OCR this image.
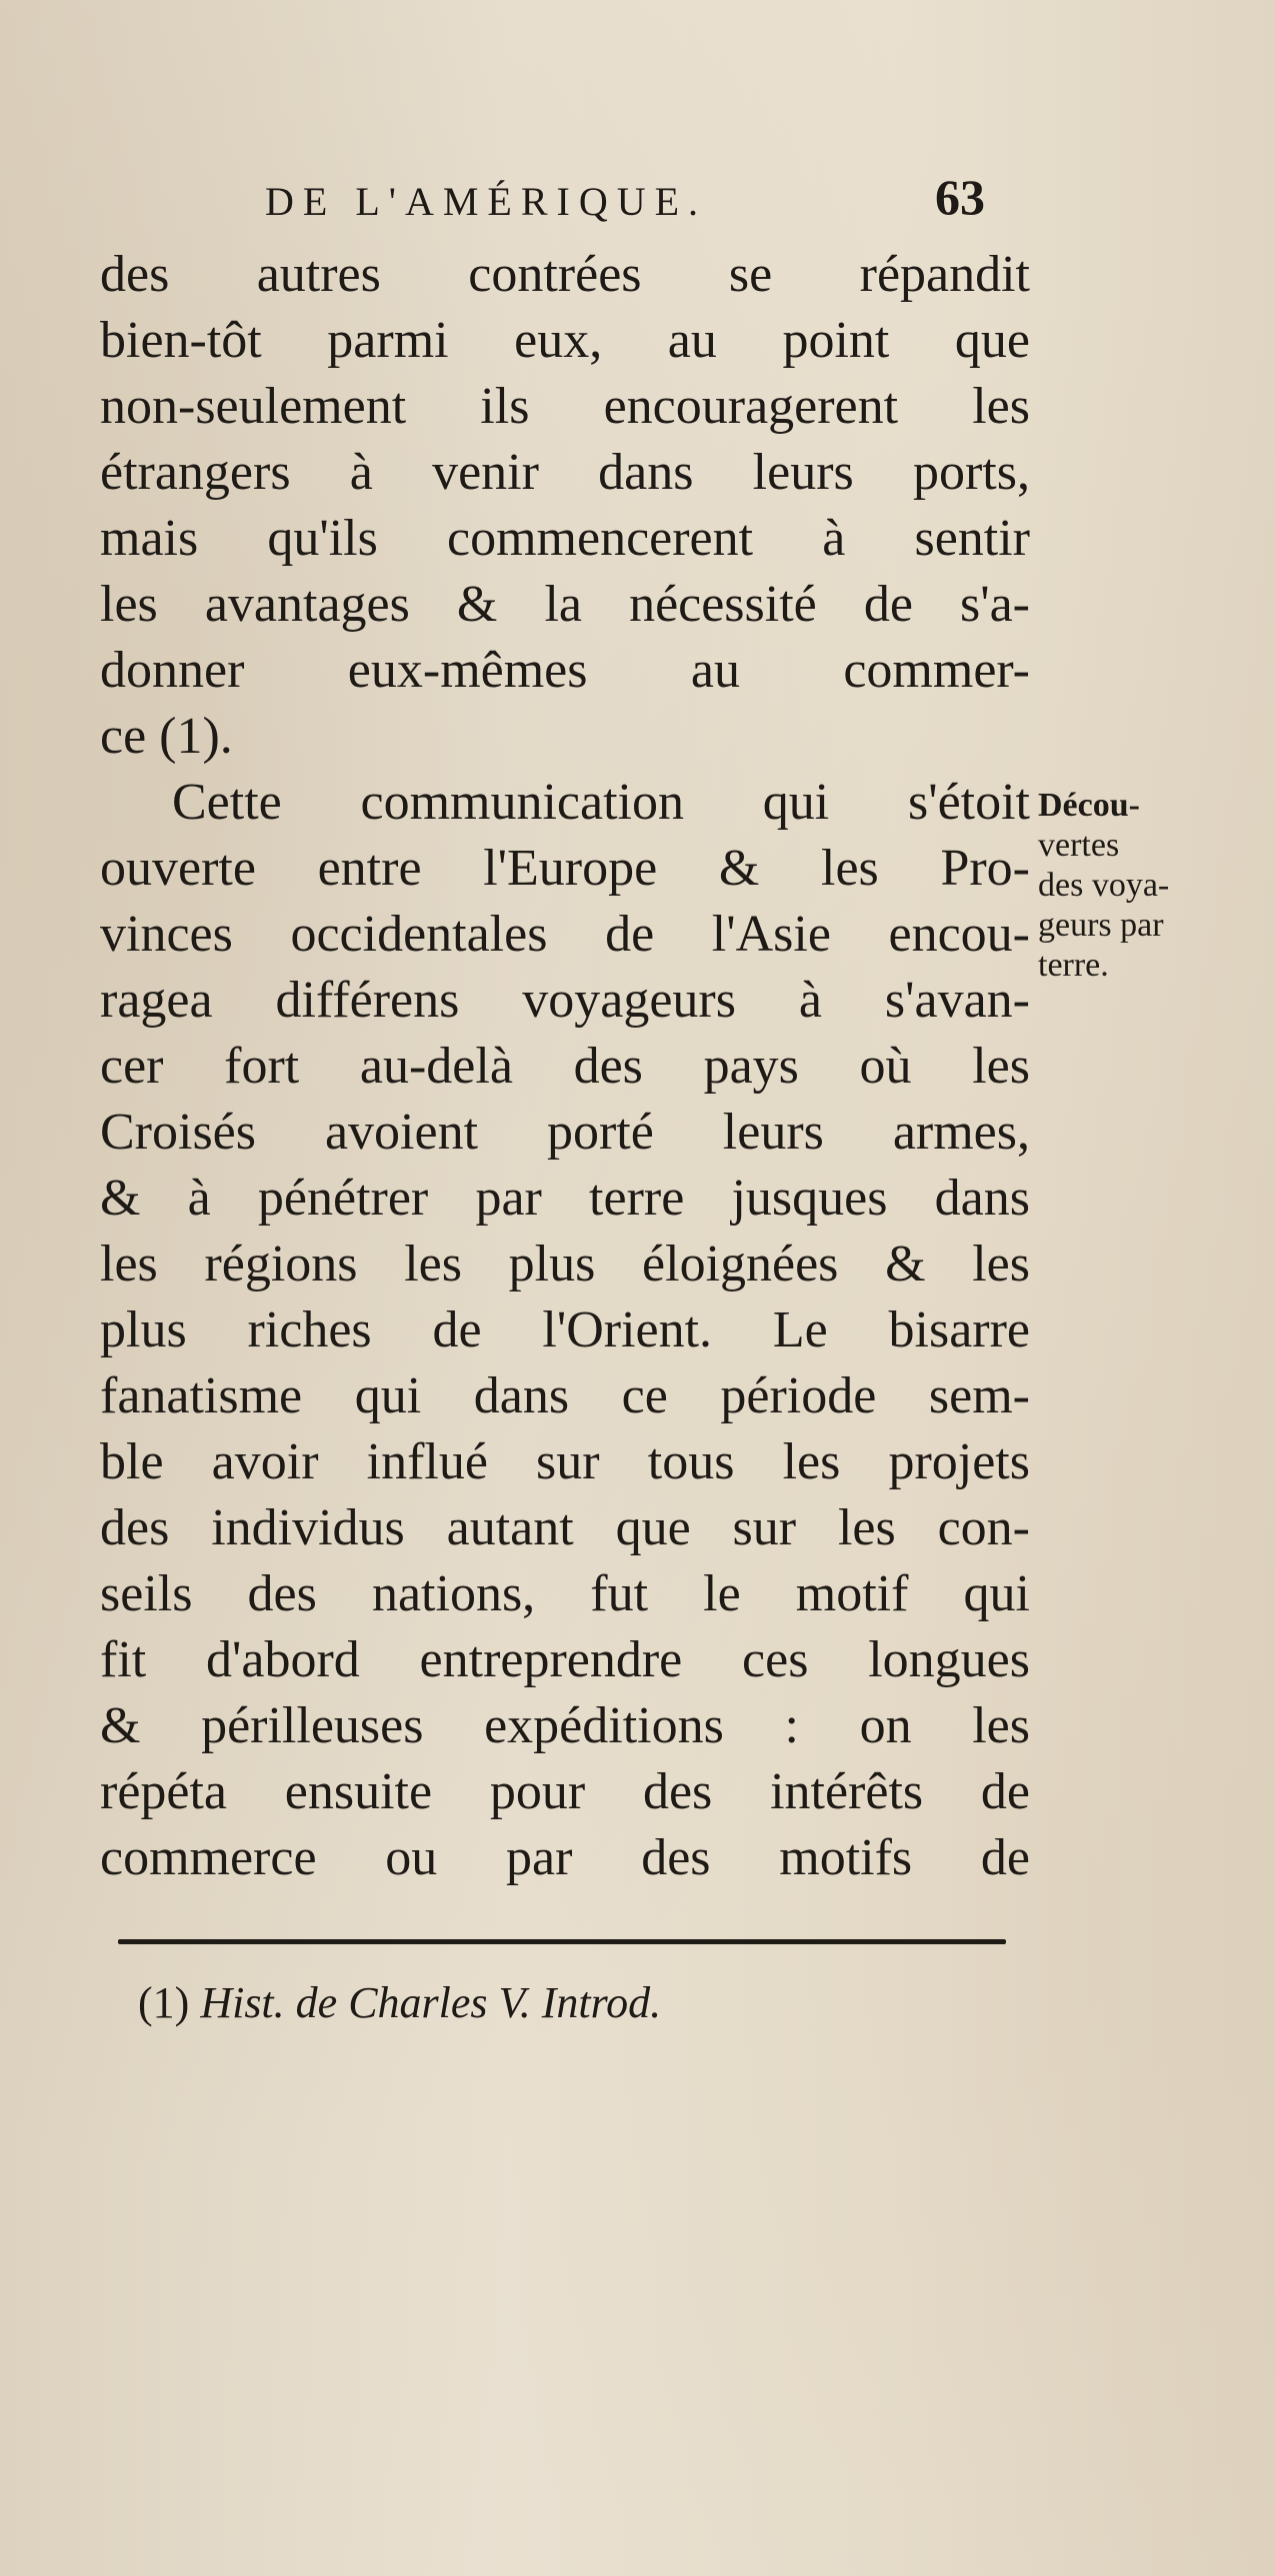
DE L'AMÉRIQUE.	63
des autres contrées se répandit
bien-tôt parmi eux, au point que
non-seulement ils encouragerent les
étrangers à venir dans leurs ports,
mais qu'ils commencerent à sentir
les avantages & la nécessité de s'a-
donner eux-mêmes au commer-
ce (1).
Cette communication qui s'étoit
ouverte entre l'Europe & les Pro-
vinces occidentales de l'Asie encou-
ragea différens voyageurs à s'avan-
cer fort au-delà des pays où les
Croisés avoient porté leurs armes,
& à pénétrer par terre jusques dans
les régions les plus éloignées & les
plus riches de l'Orient. Le bisarre
fanatisme qui dans ce période sem-
ble avoir influé sur tous les projets
des individus autant que sur les con-
seils des nations, fut le motif qui
fit d'abord entreprendre ces longues
& périlleuses expéditions : on les
répéta ensuite pour des intérêts de
commerce ou par des motifs de
Décou-
vertes
des voya-
geurs par
terre.
(1) Hist. de Charles V. Introd.
